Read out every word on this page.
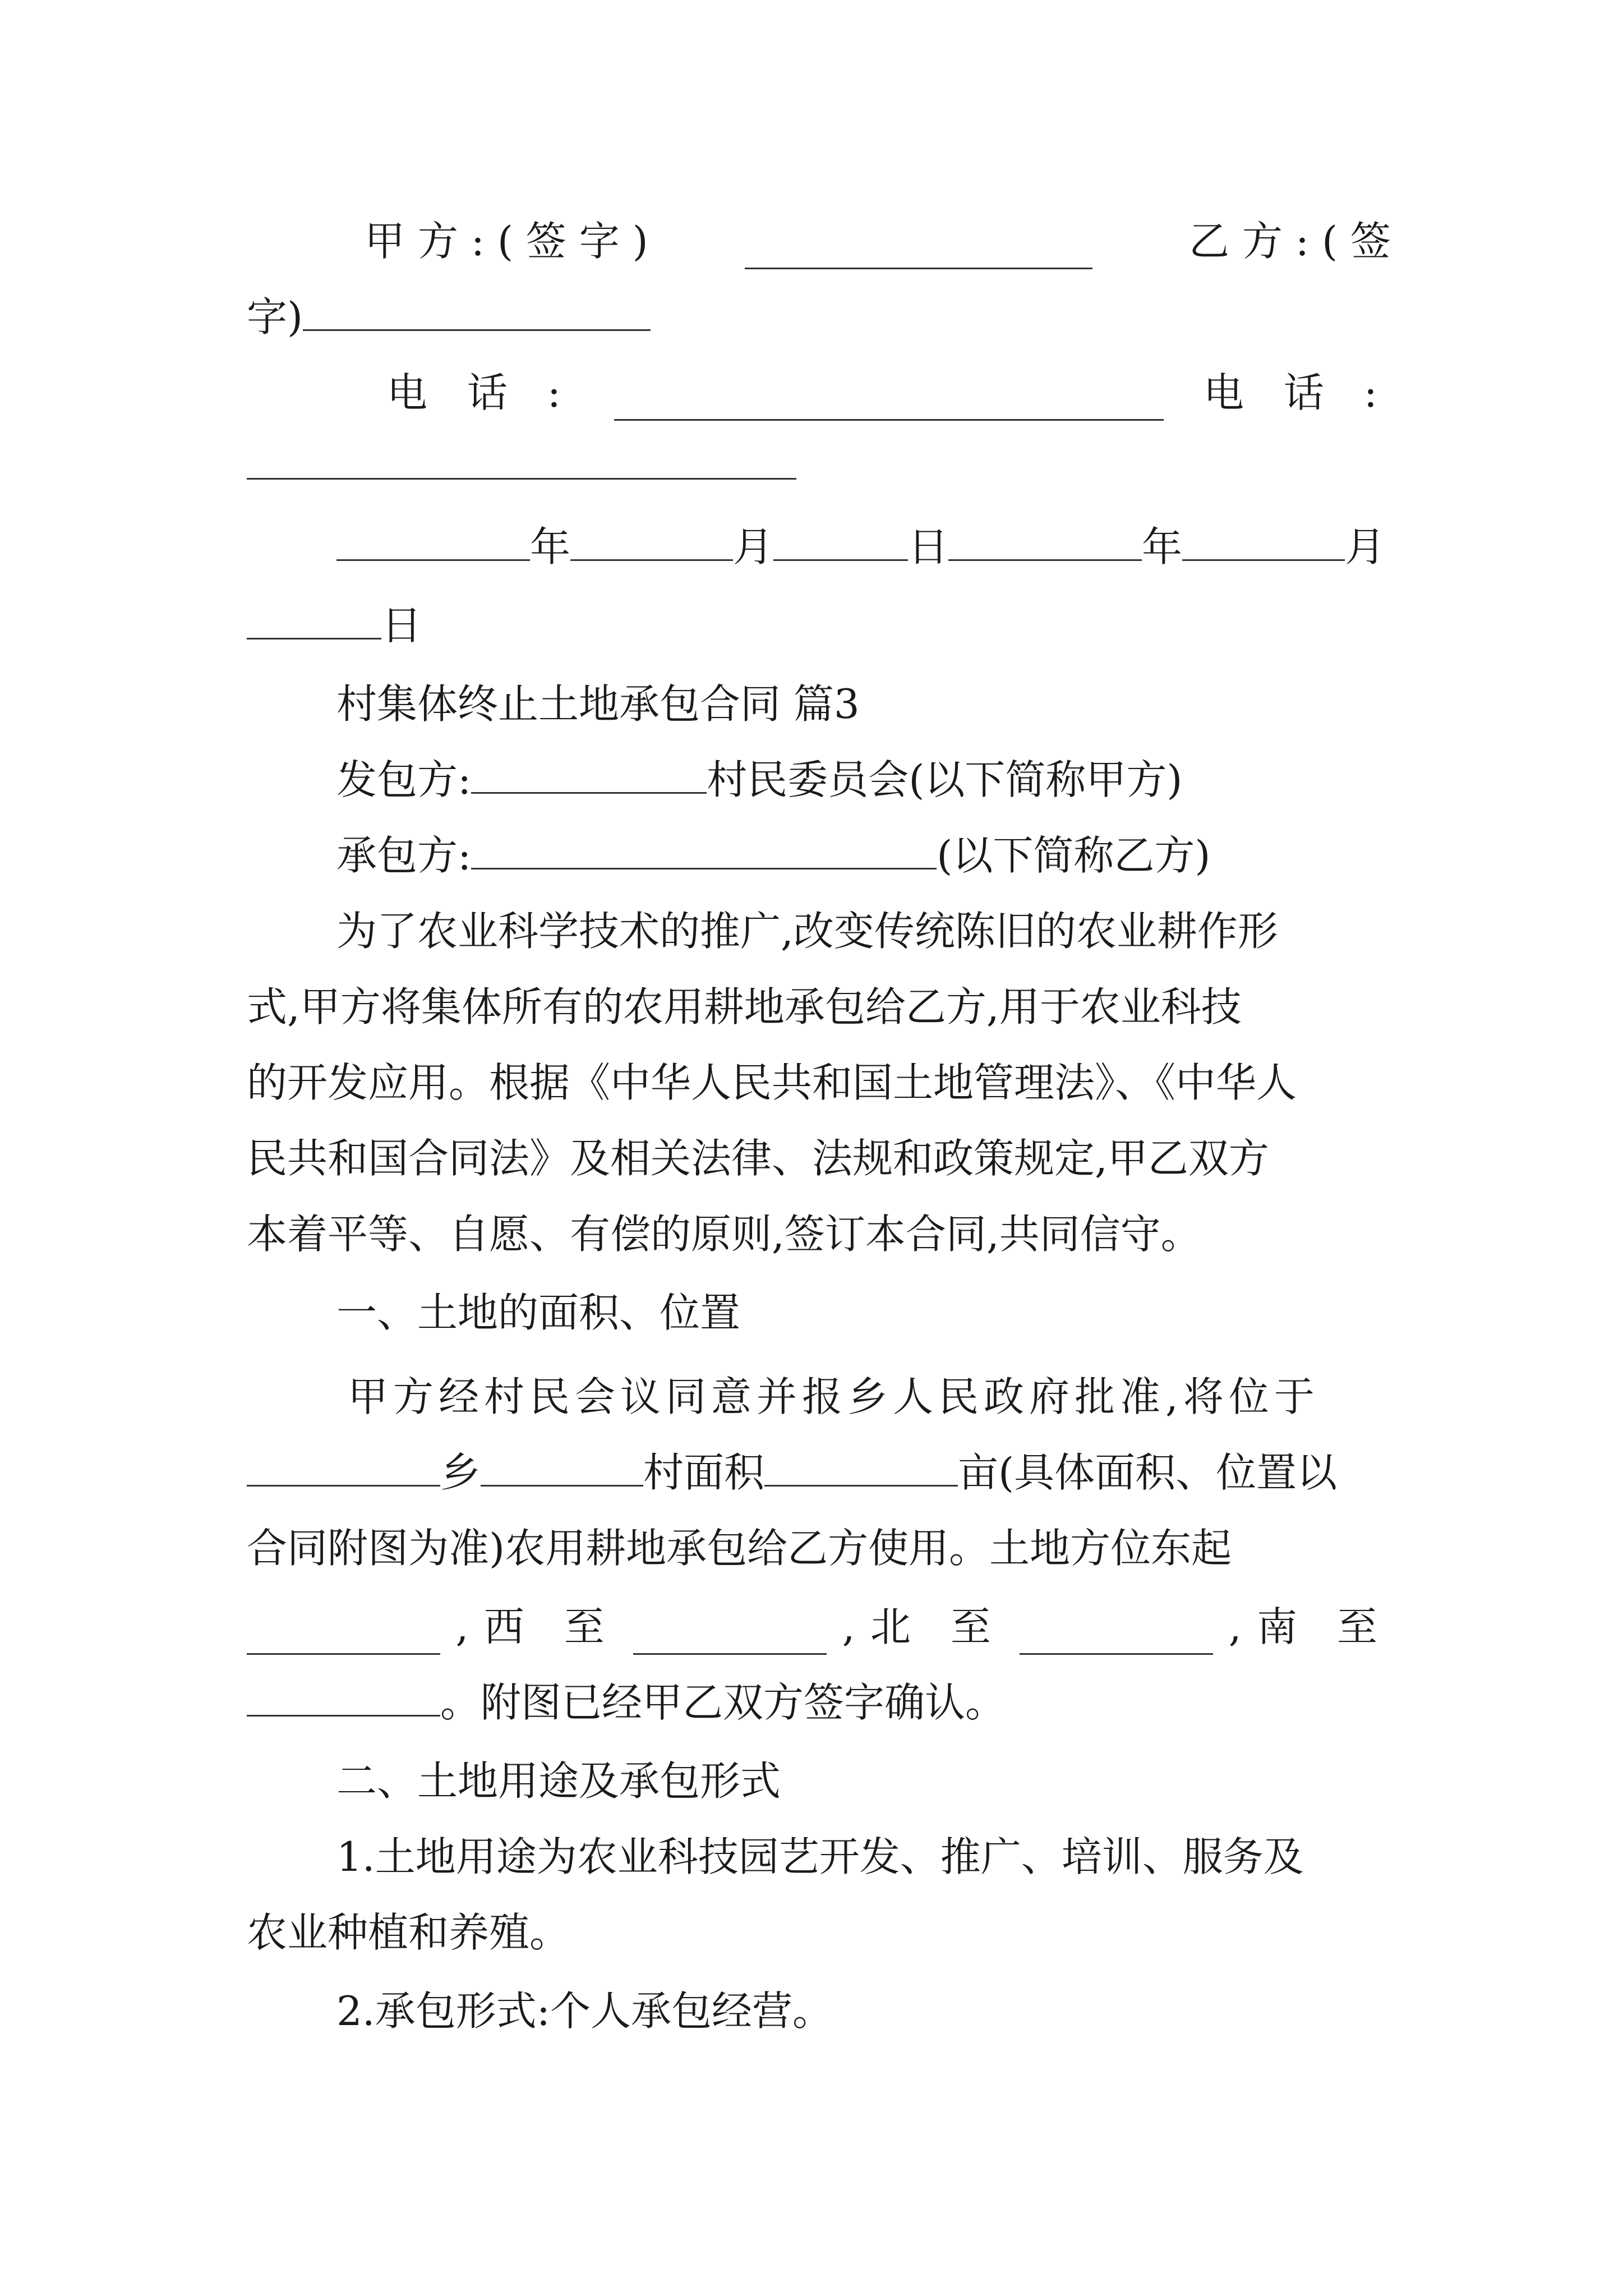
甲 方 : ( 签 字 )	乙 方 : ( 签
字)
电 话 :	电 话 :
年	月	日	年	月
日
村集体终止土地承包合同 篇3
发包方:	村民委员会(以下简称甲方)
承包方:	(以下简称乙方)
为了农业科学技术的推广,改变传统陈旧的农业耕作形
式,甲方将集体所有的农用耕地承包给乙方,用于农业科技
的开发应用。根据《中华人民共和国土地管理法》、《中华人
民共和国合同法》及相关法律、法规和政策规定,甲乙双方
本着平等、自愿、有偿的原则,签订本合同,共同信守。
一、土地的面积、位置
甲方经村民会议同意并报乡人民政府批准,将位于
乡	村面积	亩(具体面积、位置以
合同附图为准)农用耕地承包给乙方使用。土地方位东起
, 西 至	, 北 至	, 南 至
。附图已经甲乙双方签字确认。
二、土地用途及承包形式
1.土地用途为农业科技园艺开发、推广、培训、服务及
农业种植和养殖。
2.承包形式:个人承包经营。
